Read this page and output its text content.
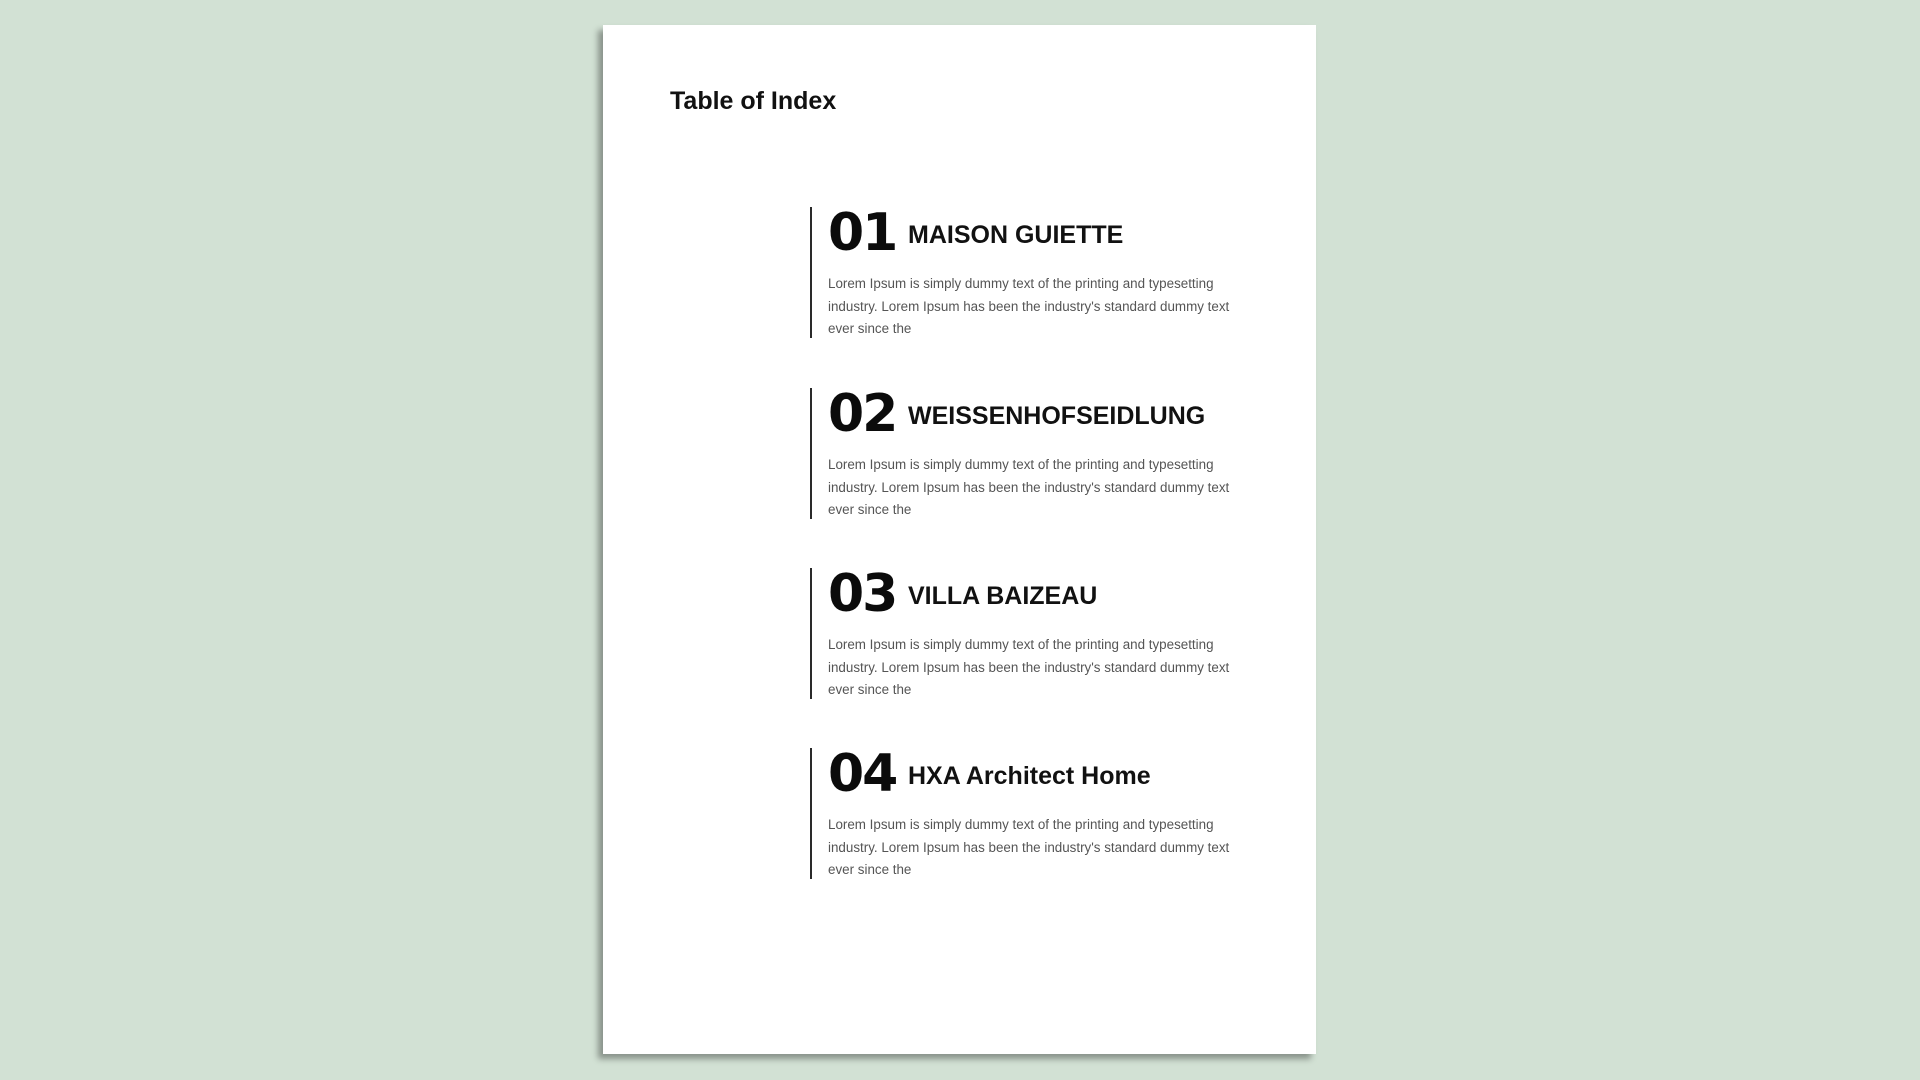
Table of Index
01 MAISON GUIETTE

Lorem Ipsum is simply dummy text of the printing and typesetting industry. Lorem Ipsum has been the industry's standard dummy text ever since the

02 WEISSENHOFSEIDLUNG

Lorem Ipsum is simply dummy text of the printing and typesetting industry. Lorem Ipsum has been the industry's standard dummy text ever since the

03 VILLA BAIZEAU

Lorem Ipsum is simply dummy text of the printing and typesetting industry. Lorem Ipsum has been the industry's standard dummy text ever since the

04 HXA Architect Home

Lorem Ipsum is simply dummy text of the printing and typesetting industry. Lorem Ipsum has been the industry's standard dummy text ever since the
